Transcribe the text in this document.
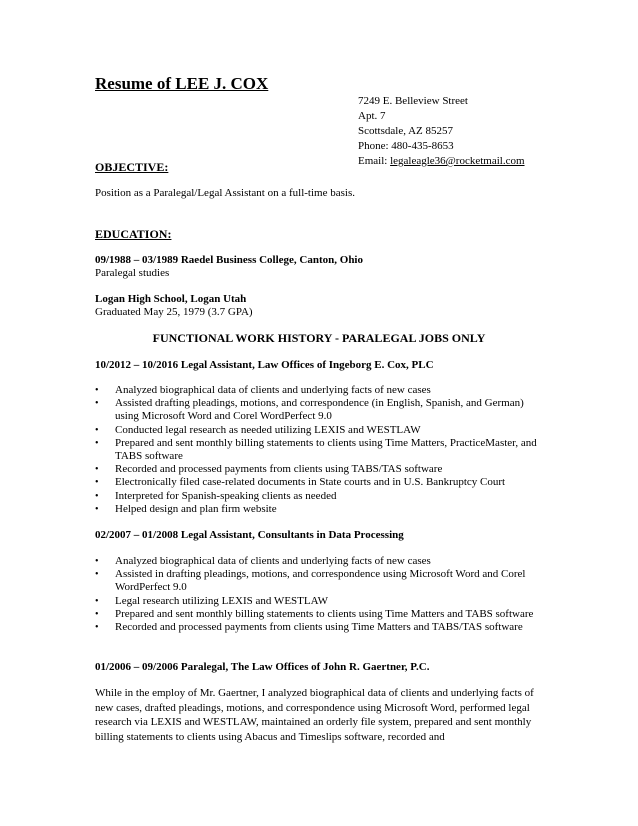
Resume of LEE J. COX
7249 E. Belleview Street
Apt. 7
Scottsdale, AZ 85257
Phone: 480-435-8653
Email: legaleagle36@rocketmail.com
OBJECTIVE:
Position as a Paralegal/Legal Assistant on a full-time basis.
EDUCATION:
09/1988 – 03/1989 Raedel Business College, Canton, Ohio
Paralegal studies
Logan High School, Logan Utah
Graduated May 25, 1979 (3.7 GPA)
FUNCTIONAL WORK HISTORY - PARALEGAL JOBS ONLY
10/2012 – 10/2016 Legal Assistant, Law Offices of Ingeborg E. Cox, PLC
• Analyzed biographical data of clients and underlying facts of new cases
• Assisted drafting pleadings, motions, and correspondence (in English, Spanish, and German) using Microsoft Word and Corel WordPerfect 9.0
• Conducted legal research as needed utilizing LEXIS and WESTLAW
• Prepared and sent monthly billing statements to clients using Time Matters, PracticeMaster, and TABS software
• Recorded and processed payments from clients using TABS/TAS software
• Electronically filed case-related documents in State courts and in U.S. Bankruptcy Court
• Interpreted for Spanish-speaking clients as needed
• Helped design and plan firm website
02/2007 – 01/2008 Legal Assistant, Consultants in Data Processing
• Analyzed biographical data of clients and underlying facts of new cases
• Assisted in drafting pleadings, motions, and correspondence using Microsoft Word and Corel WordPerfect 9.0
• Legal research utilizing LEXIS and WESTLAW
• Prepared and sent monthly billing statements to clients using Time Matters and TABS software
• Recorded and processed payments from clients using Time Matters and TABS/TAS software
01/2006 – 09/2006 Paralegal, The Law Offices of John R. Gaertner, P.C.
While in the employ of Mr. Gaertner, I analyzed biographical data of clients and underlying facts of new cases, drafted pleadings, motions, and correspondence using Microsoft Word, performed legal research via LEXIS and WESTLAW, maintained an orderly file system, prepared and sent monthly billing statements to clients using Abacus and Timeslips software, recorded and
